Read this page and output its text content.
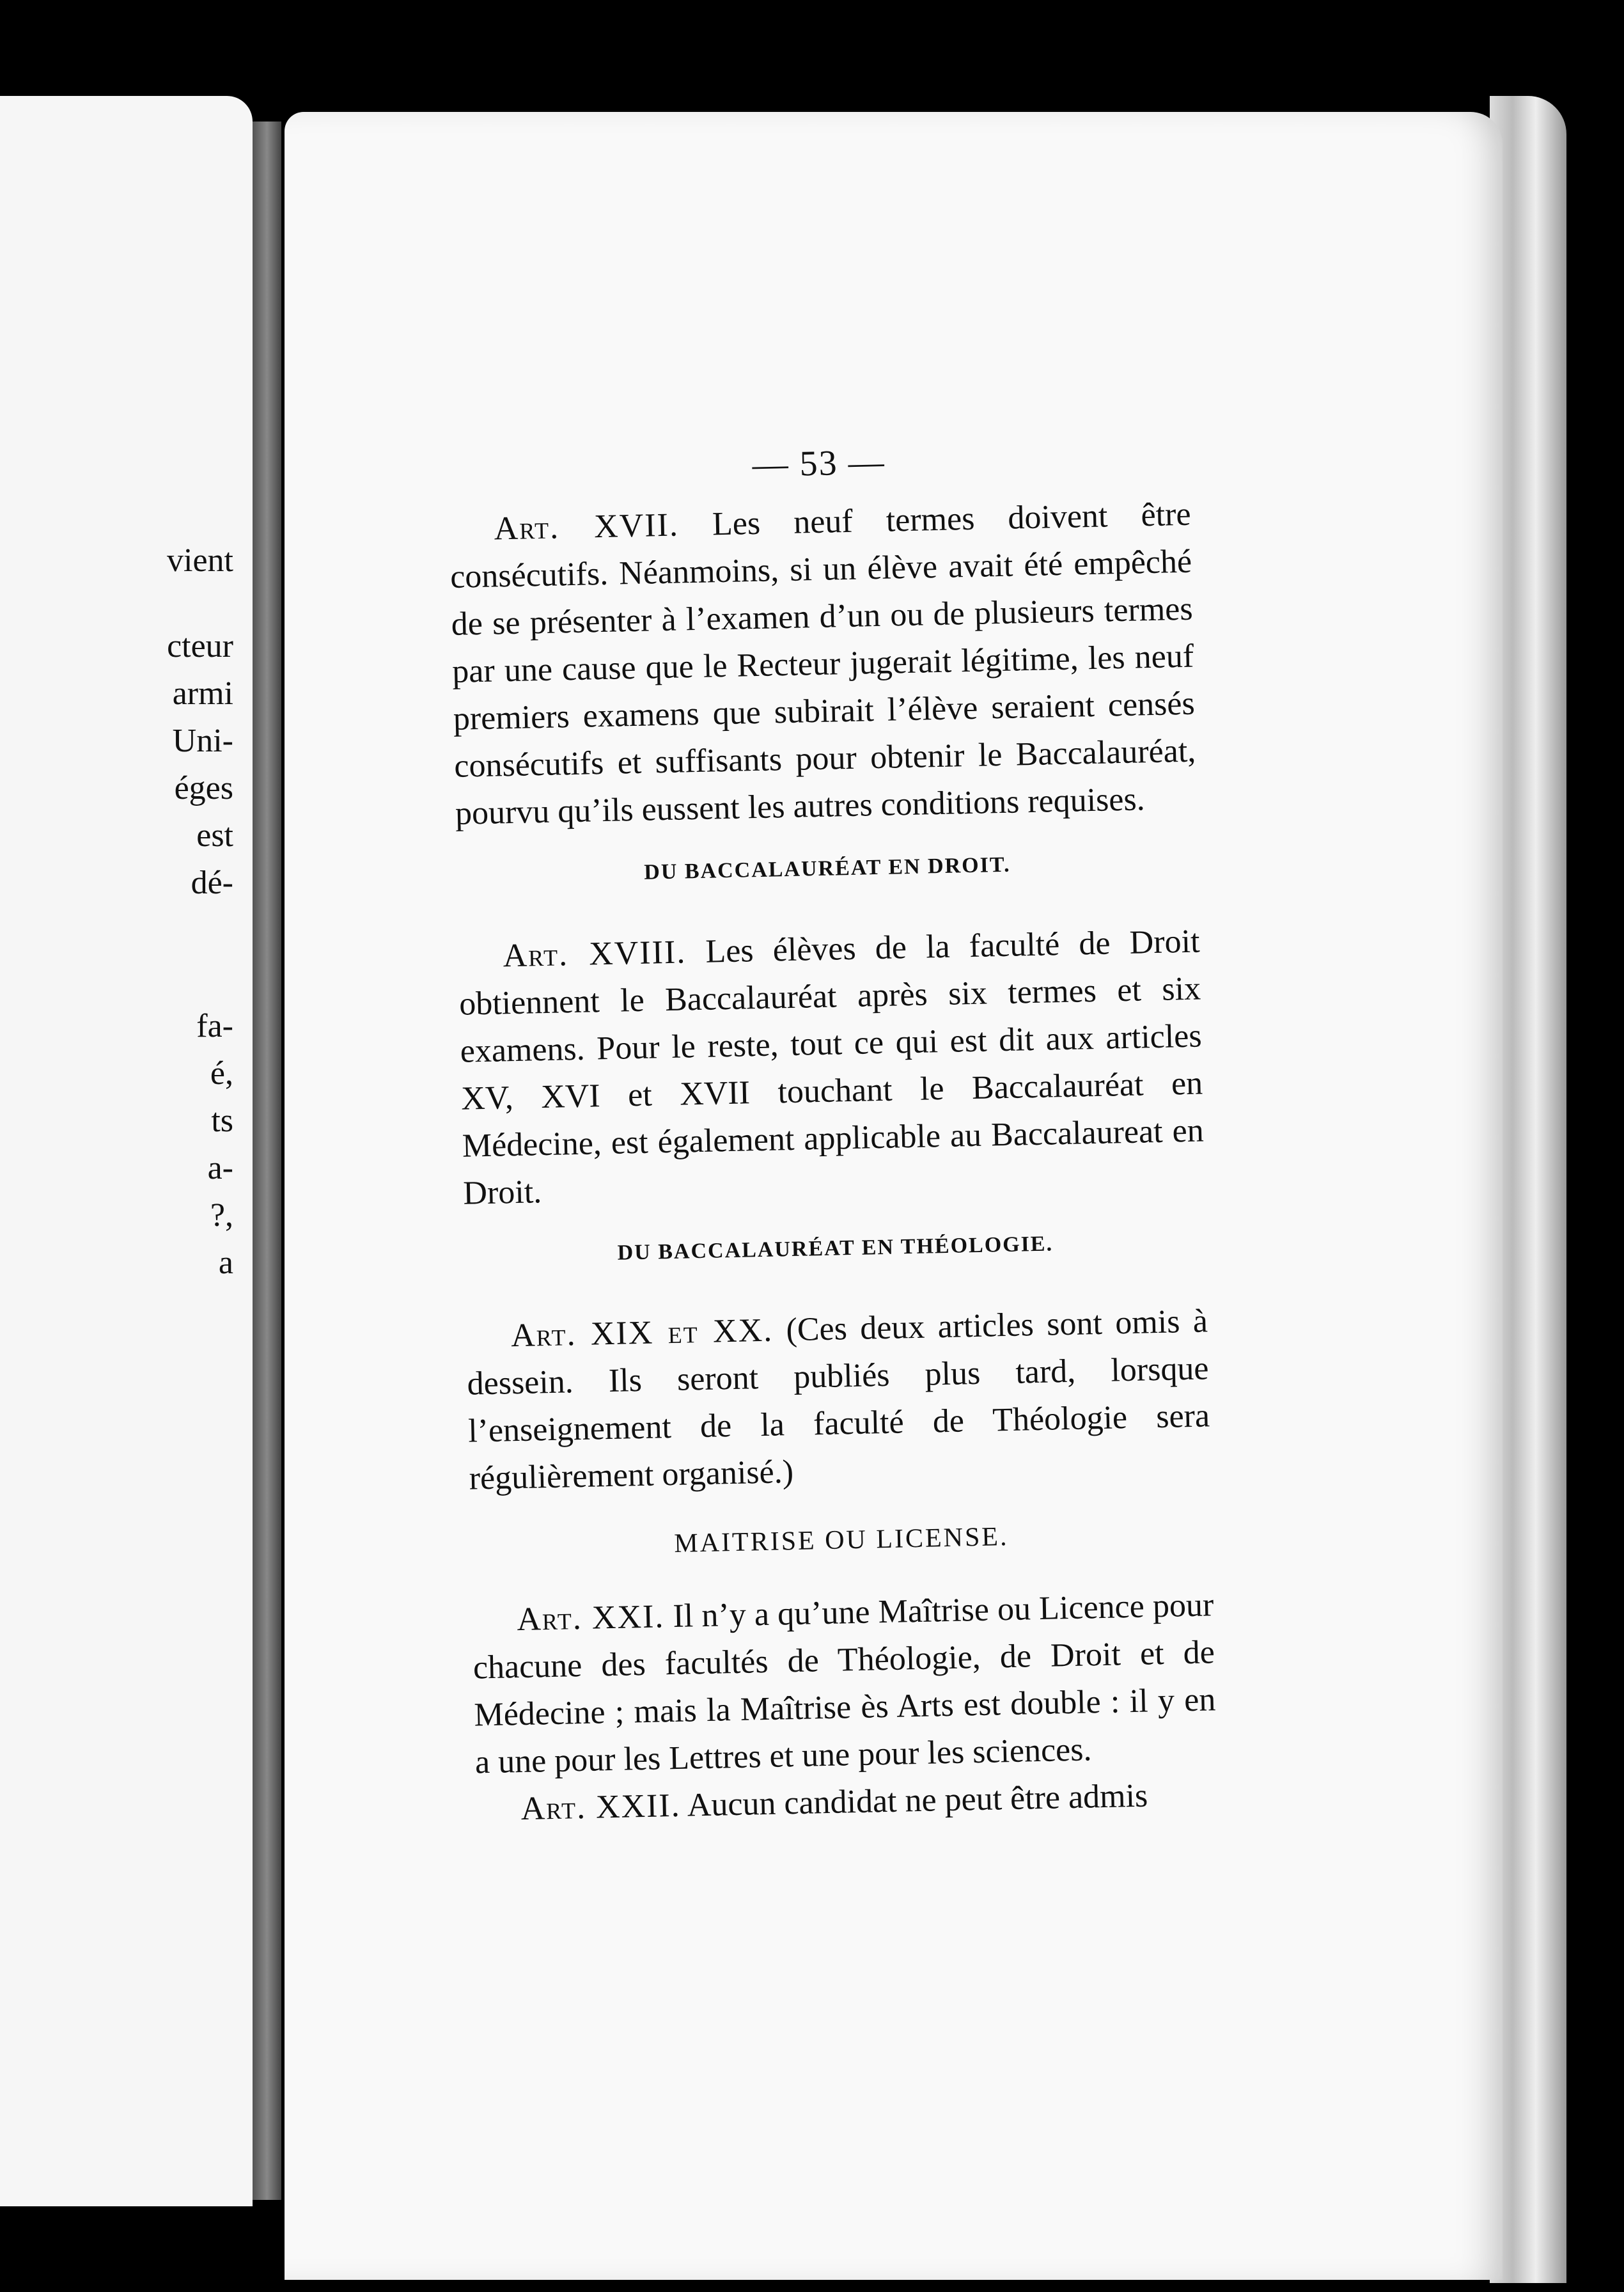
vient
cteur
armi
Uni-
éges
est
dé-
fa-
é,
ts
a-
?,
a
— 53 —

Art. XVII. Les neuf termes doivent être consécutifs. Néanmoins, si un élève avait été empêché de se présenter à l’examen d’un ou de plusieurs termes par une cause que le Recteur jugerait légitime, les neuf premiers examens que subirait l’élève seraient censés consécutifs et suffisants pour obtenir le Baccalauréat, pourvu qu’ils eussent les autres conditions requises.

DU BACCALAURÉAT EN DROIT.

Art. XVIII. Les élèves de la faculté de Droit obtiennent le Baccalauréat après six termes et six examens. Pour le reste, tout ce qui est dit aux articles XV, XVI et XVII touchant le Baccalauréat en Médecine, est également applicable au Baccalaureat en Droit.

DU BACCALAURÉAT EN THÉOLOGIE.

Art. XIX et XX. (Ces deux articles sont omis à dessein. Ils seront publiés plus tard, lorsque l’enseignement de la faculté de Théologie sera régulièrement organisé.)

MAITRISE OU LICENSE.

Art. XXI. Il n’y a qu’une Maîtrise ou Licence pour chacune des facultés de Théologie, de Droit et de Médecine ; mais la Maîtrise ès Arts est double : il y en a une pour les Lettres et une pour les sciences.

Art. XXII. Aucun candidat ne peut être admis
